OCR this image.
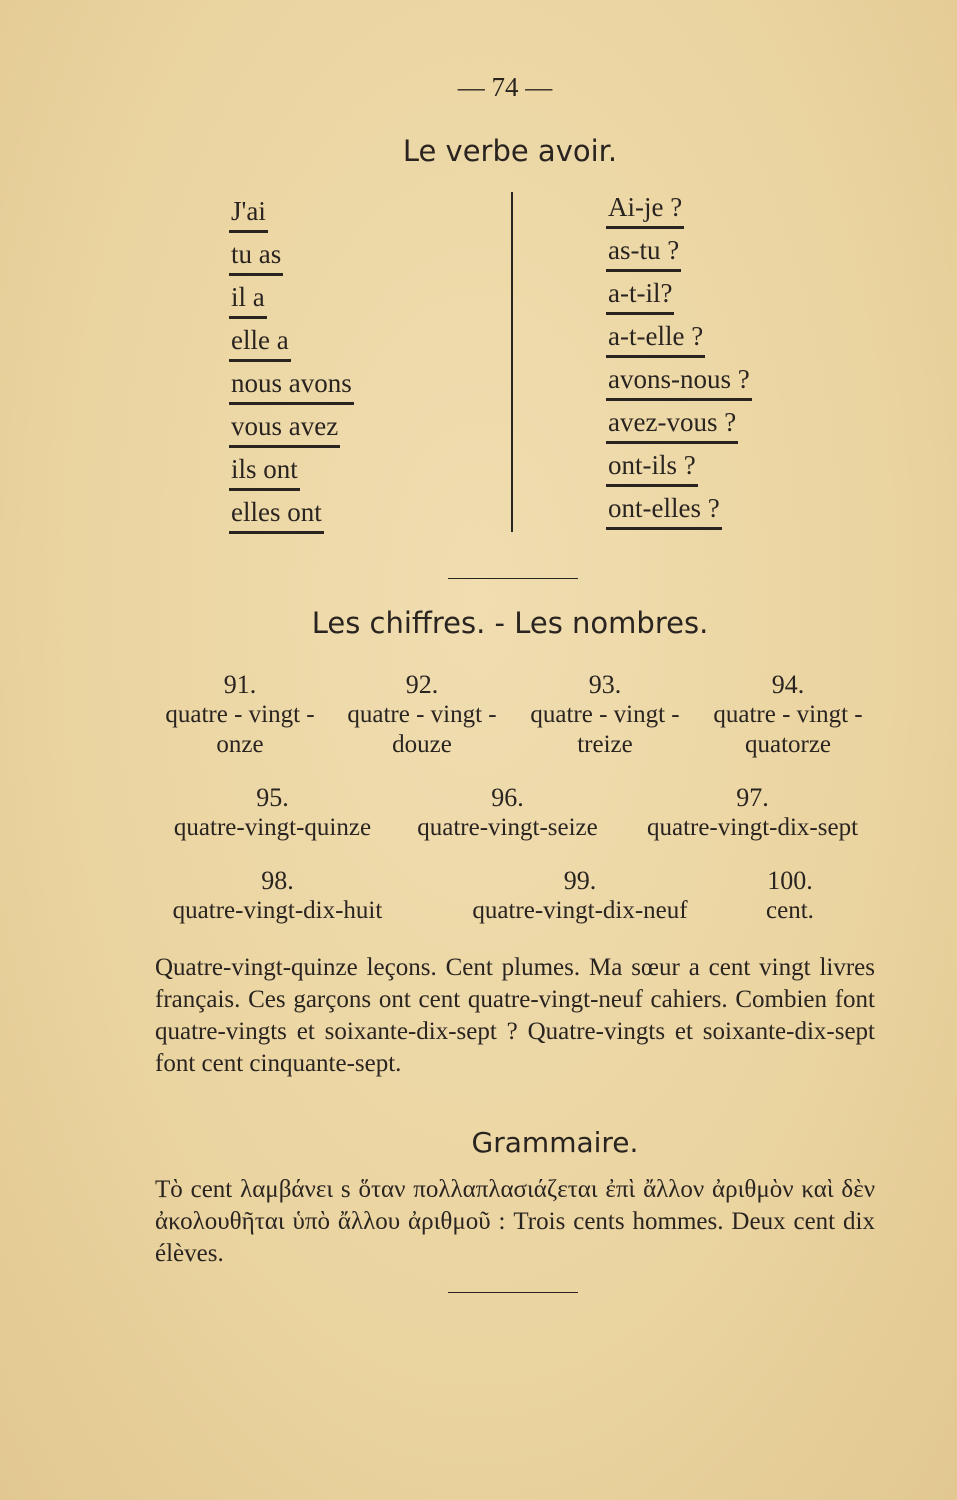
— 74 —
Le verbe avoir.
J'ai
tu as
il a
elle a
nous avons
vous avez
ils ont
elles ont
Ai-je ?
as-tu ?
a-t-il?
a-t-elle ?
avons-nous ?
avez-vous ?
ont-ils ?
ont-elles ?
Les chiffres. - Les nombres.
91.
quatre - vingt -
onze
92.
quatre - vingt -
douze
93.
quatre - vingt -
treize
94.
quatre - vingt -
quatorze
95.
quatre-vingt-quinze
96.
quatre-vingt-seize
97.
quatre-vingt-dix-sept
98.
quatre-vingt-dix-huit
99.
quatre-vingt-dix-neuf
100.
cent.
Quatre-vingt-quinze leçons. Cent plumes. Ma sœur a cent vingt livres français. Ces garçons ont cent quatre-vingt-neuf cahiers. Combien font quatre-vingts et soixante-dix-sept ? Quatre-vingts et soixante-dix-sept font cent cinquante-sept.
Grammaire.
Τὸ cent λαμβάνει s ὅταν πολλαπλασιάζεται ἐπὶ ἄλλον ἀριθμὸν καὶ δὲν ἀκολουθῆται ὑπὸ ἄλλου ἀριθμοῦ : Trois cents hommes. Deux cent dix élèves.
